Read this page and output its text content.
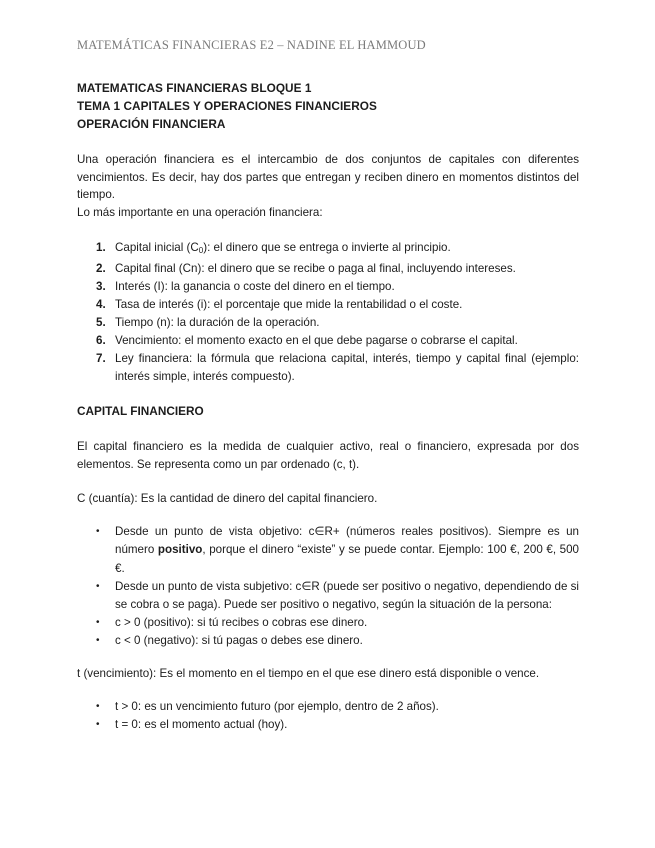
MATEMÁTICAS FINANCIERAS E2 – NADINE EL HAMMOUD
MATEMATICAS FINANCIERAS BLOQUE 1
TEMA 1 CAPITALES Y OPERACIONES FINANCIEROS
OPERACIÓN FINANCIERA

Una operación financiera es el intercambio de dos conjuntos de capitales con diferentes vencimientos. Es decir, hay dos partes que entregan y reciben dinero en momentos distintos del tiempo.

Lo más importante en una operación financiera:

1. Capital inicial $(C_0)$: el dinero que se entrega o invierte al principio.
2. Capital final (Cn): el dinero que se recibe o paga al final, incluyendo intereses.
3. Interés (I): la ganancia o coste del dinero en el tiempo.
4. Tasa de interés (i): el porcentaje que mide la rentabilidad o el coste.
5. Tiempo (n): la duración de la operación.
6. Vencimiento: el momento exacto en el que debe pagarse o cobrarse el capital.
7. Ley financiera: la fórmula que relaciona capital, interés, tiempo y capital final (ejemplo: interés simple, interés compuesto).
CAPITAL FINANCIERO

El capital financiero es la medida de cualquier activo, real o financiero, expresada por dos elementos. Se representa como un par ordenado (c, t).

C (cuantía): Es la cantidad de dinero del capital financiero.

• Desde un punto de vista objetivo: c∈R+ (números reales positivos). Siempre es un número positivo, porque el dinero “existe” y se puede contar. Ejemplo: 100 €, 200 €, 500 €.
• Desde un punto de vista subjetivo: c∈R (puede ser positivo o negativo, dependiendo de si se cobra o se paga). Puede ser positivo o negativo, según la situación de la persona:
• c > 0 (positivo): si tú recibes o cobras ese dinero.
• c < 0 (negativo): si tú pagas o debes ese dinero.

t (vencimiento): Es el momento en el tiempo en el que ese dinero está disponible o vence.

• t > 0: es un vencimiento futuro (por ejemplo, dentro de 2 años).
• t = 0: es el momento actual (hoy).
